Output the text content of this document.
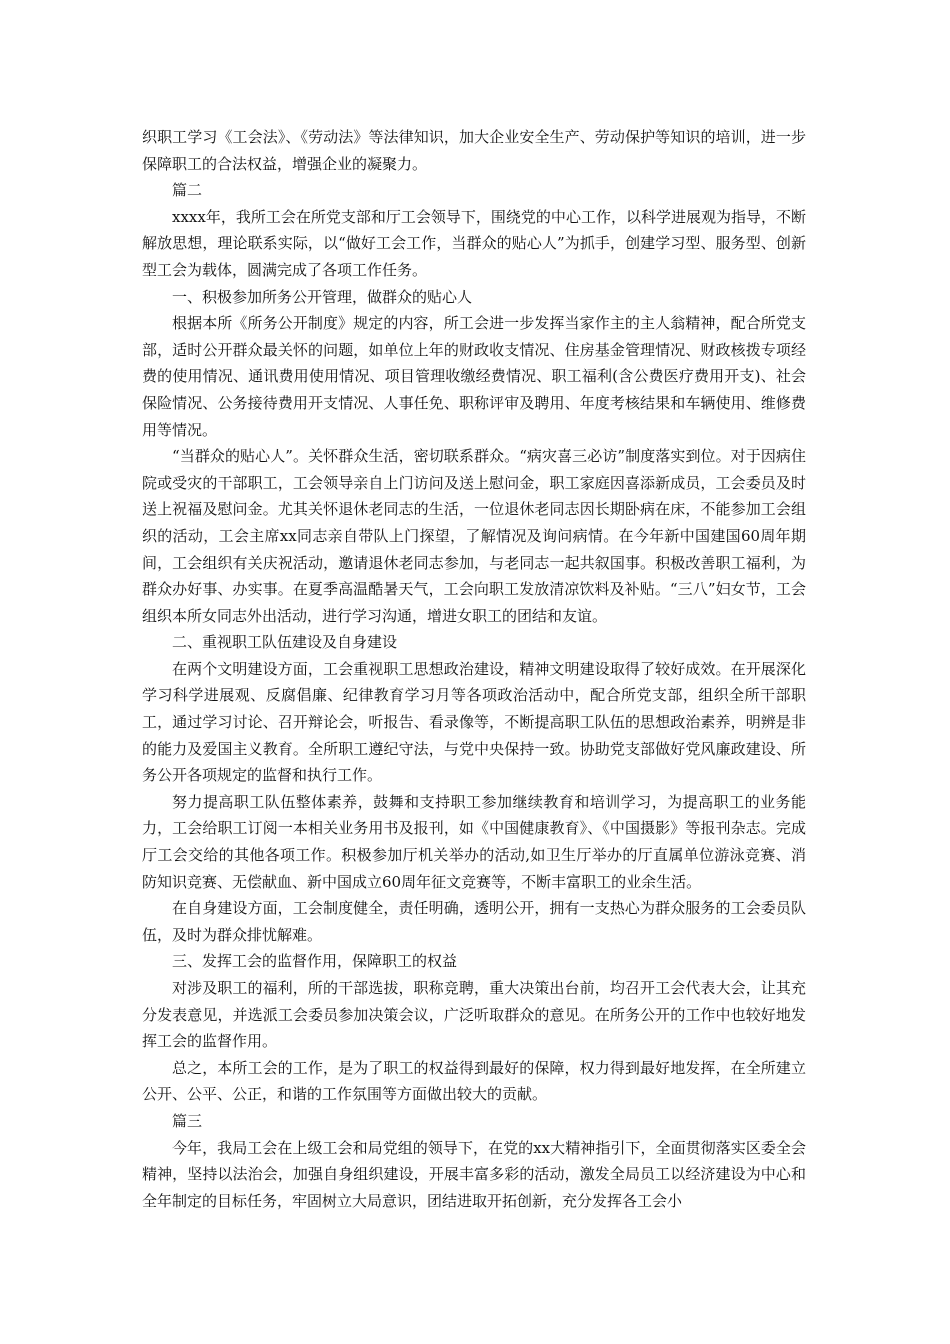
织职工学习《工会法》、《劳动法》等法律知识，加大企业安全生产、劳动保护等知识的培训，进一步保障职工的合法权益，增强企业的凝聚力。

篇二

xxxx年，我所工会在所党支部和厅工会领导下，围绕党的中心工作，以科学进展观为指导，不断解放思想，理论联系实际，以“做好工会工作，当群众的贴心人”为抓手，创建学习型、服务型、创新型工会为载体，圆满完成了各项工作任务。

一、积极参加所务公开管理，做群众的贴心人

根据本所《所务公开制度》规定的内容，所工会进一步发挥当家作主的主人翁精神，配合所党支部，适时公开群众最关怀的问题，如单位上年的财政收支情况、住房基金管理情况、财政核拨专项经费的使用情况、通讯费用使用情况、项目管理收缴经费情况、职工福利(含公费医疗费用开支)、社会保险情况、公务接待费用开支情况、人事任免、职称评审及聘用、年度考核结果和车辆使用、维修费用等情况。

“当群众的贴心人”。关怀群众生活，密切联系群众。“病灾喜三必访”制度落实到位。对于因病住院或受灾的干部职工，工会领导亲自上门访问及送上慰问金，职工家庭因喜添新成员，工会委员及时送上祝福及慰问金。尤其关怀退休老同志的生活，一位退休老同志因长期卧病在床，不能参加工会组织的活动，工会主席xx同志亲自带队上门探望，了解情况及询问病情。在今年新中国建国60周年期间，工会组织有关庆祝活动，邀请退休老同志参加，与老同志一起共叙国事。积极改善职工福利，为群众办好事、办实事。在夏季高温酷暑天气，工会向职工发放清凉饮料及补贴。“三八”妇女节，工会组织本所女同志外出活动，进行学习沟通，增进女职工的团结和友谊。

二、重视职工队伍建设及自身建设

在两个文明建设方面，工会重视职工思想政治建设，精神文明建设取得了较好成效。在开展深化学习科学进展观、反腐倡廉、纪律教育学习月等各项政治活动中，配合所党支部，组织全所干部职工，通过学习讨论、召开辩论会，听报告、看录像等，不断提高职工队伍的思想政治素养，明辨是非的能力及爱国主义教育。全所职工遵纪守法，与党中央保持一致。协助党支部做好党风廉政建设、所务公开各项规定的监督和执行工作。

努力提高职工队伍整体素养，鼓舞和支持职工参加继续教育和培训学习，为提高职工的业务能力，工会给职工订阅一本相关业务用书及报刊，如《中国健康教育》、《中国摄影》等报刊杂志。完成厅工会交给的其他各项工作。积极参加厅机关举办的活动,如卫生厅举办的厅直属单位游泳竞赛、消防知识竞赛、无偿献血、新中国成立60周年征文竞赛等，不断丰富职工的业余生活。

在自身建设方面，工会制度健全，责任明确，透明公开，拥有一支热心为群众服务的工会委员队伍，及时为群众排忧解难。

三、发挥工会的监督作用，保障职工的权益

对涉及职工的福利，所的干部选拔，职称竞聘，重大决策出台前，均召开工会代表大会，让其充分发表意见，并选派工会委员参加决策会议，广泛听取群众的意见。在所务公开的工作中也较好地发挥工会的监督作用。

总之，本所工会的工作，是为了职工的权益得到最好的保障，权力得到最好地发挥，在全所建立公开、公平、公正，和谐的工作氛围等方面做出较大的贡献。

篇三

今年，我局工会在上级工会和局党组的领导下，在党的xx大精神指引下，全面贯彻落实区委全会精神，坚持以法治会，加强自身组织建设，开展丰富多彩的活动，激发全局员工以经济建设为中心和全年制定的目标任务，牢固树立大局意识，团结进取开拓创新，充分发挥各工会小
